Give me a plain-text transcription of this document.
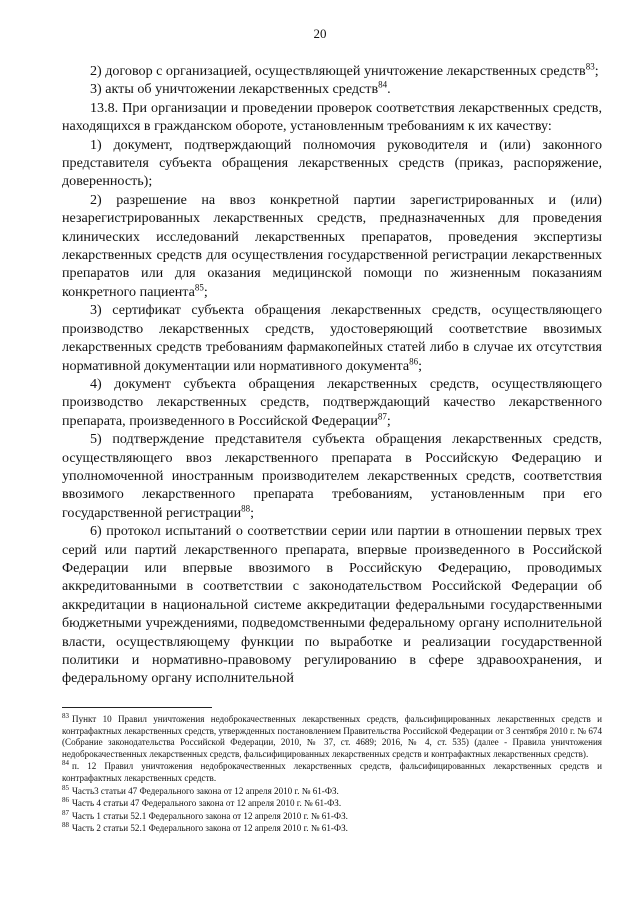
20

2) договор с организацией, осуществляющей уничтожение лекарственных средств$^{83}$;

3) акты об уничтожении лекарственных средств$^{84}$.

13.8. При организации и проведении проверок соответствия лекарственных средств, находящихся в гражданском обороте, установленным требованиям к их качеству:

1) документ, подтверждающий полномочия руководителя и (или) законного представителя субъекта обращения лекарственных средств (приказ, распоряжение, доверенность);

2) разрешение на ввоз конкретной партии зарегистрированных и (или) незарегистрированных лекарственных средств, предназначенных для проведения клинических исследований лекарственных препаратов, проведения экспертизы лекарственных средств для осуществления государственной регистрации лекарственных препаратов или для оказания медицинской помощи по жизненным показаниям конкретного пациента$^{85}$;

3) сертификат субъекта обращения лекарственных средств, осуществляющего производство лекарственных средств, удостоверяющий соответствие ввозимых лекарственных средств требованиям фармакопейных статей либо в случае их отсутствия нормативной документации или нормативного документа$^{86}$;

4) документ субъекта обращения лекарственных средств, осуществляющего производство лекарственных средств, подтверждающий качество лекарственного препарата, произведенного в Российской Федерации$^{87}$;

5) подтверждение представителя субъекта обращения лекарственных средств, осуществляющего ввоз лекарственного препарата в Российскую Федерацию и уполномоченной иностранным производителем лекарственных средств, соответствия ввозимого лекарственного препарата требованиям, установленным при его государственной регистрации$^{88}$;

6) протокол испытаний о соответствии серии или партии в отношении первых трех серий или партий лекарственного препарата, впервые произведенного в Российской Федерации или впервые ввозимого в Российскую Федерацию, проводимых аккредитованными в соответствии с законодательством Российской Федерации об аккредитации в национальной системе аккредитации федеральными государственными бюджетными учреждениями, подведомственными федеральному органу исполнительной власти, осуществляющему функции по выработке и реализации государственной политики и нормативно-правовому регулированию в сфере здравоохранения, и федеральному органу исполнительной

$^{83}$ Пункт 10 Правил уничтожения недоброкачественных лекарственных средств, фальсифицированных лекарственных средств и контрафактных лекарственных средств, утвержденных постановлением Правительства Российской Федерации от 3 сентября 2010 г. № 674 (Собрание законодательства Российской Федерации, 2010, № 37, ст. 4689; 2016, № 4, ст. 535) (далее - Правила уничтожения недоброкачественных лекарственных средств, фальсифицированных лекарственных средств и контрафактных лекарственных средств).

$^{84}$ п. 12 Правил уничтожения недоброкачественных лекарственных средств, фальсифицированных лекарственных средств и контрафактных лекарственных средств.

$^{85}$ Часть3 статьи 47 Федерального закона от 12 апреля 2010 г. № 61-ФЗ.

$^{86}$ Часть 4 статьи 47 Федерального закона от 12 апреля 2010 г. № 61-ФЗ.

$^{87}$ Часть 1 статьи 52.1 Федерального закона от 12 апреля 2010 г. № 61-ФЗ.

$^{88}$ Часть 2 статьи 52.1 Федерального закона от 12 апреля 2010 г. № 61-ФЗ.
